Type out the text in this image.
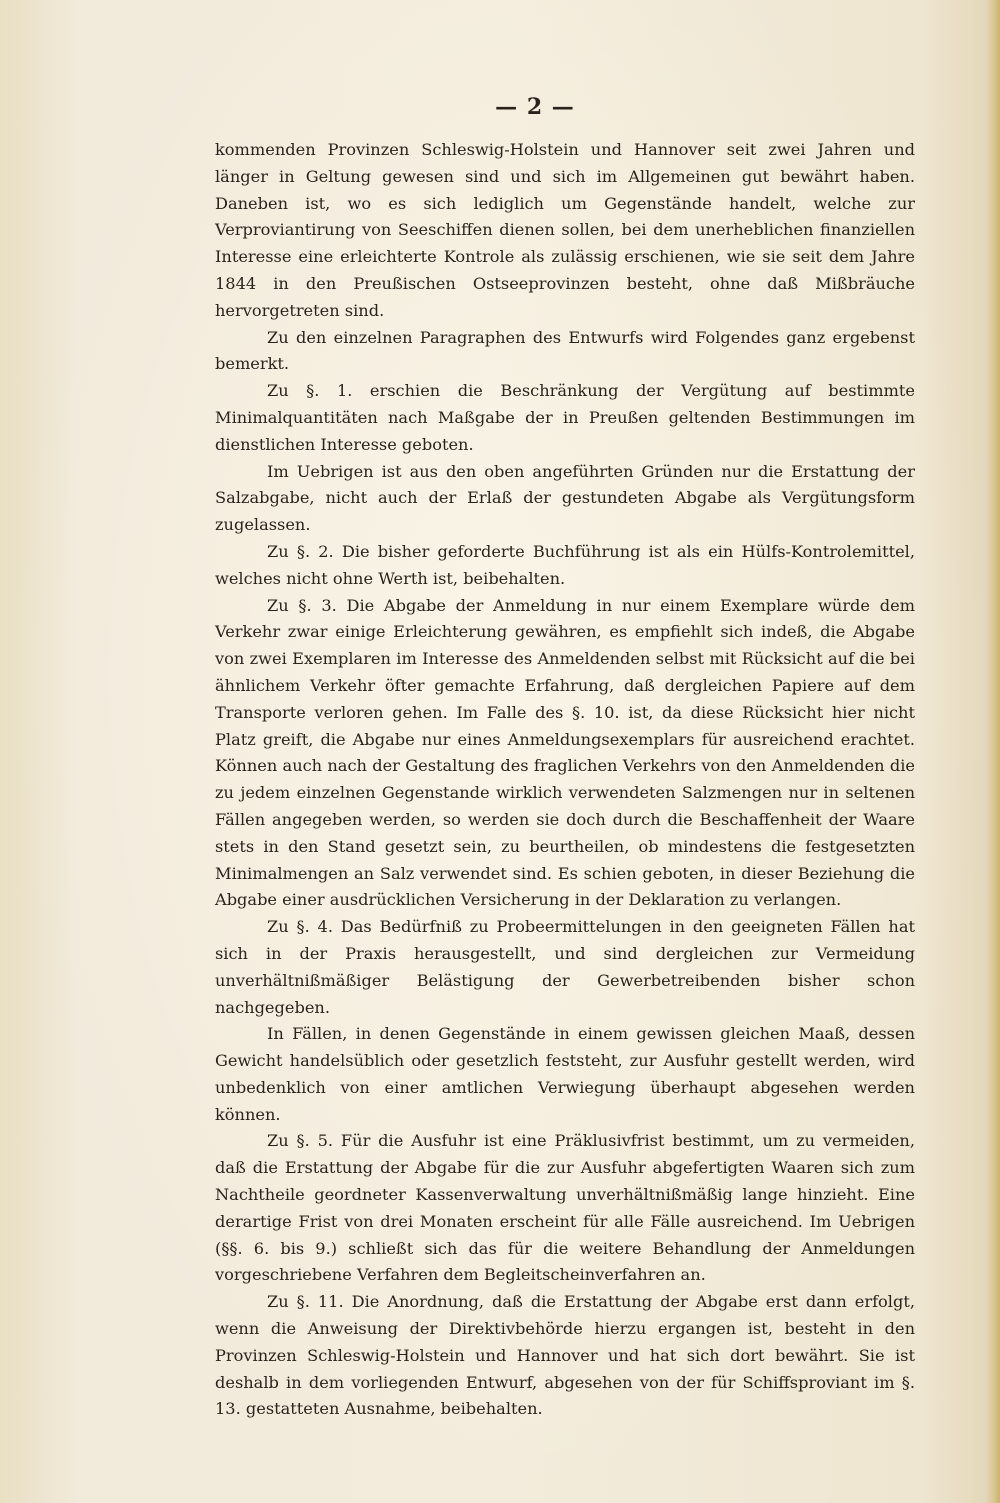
— 2 —

kommenden Provinzen Schleswig-Holstein und Hannover seit zwei Jahren und länger in Geltung gewesen sind und sich im Allgemeinen gut bewährt haben. Daneben ist, wo es sich lediglich um Gegenstände handelt, welche zur Verproviantirung von Seeschiffen dienen sollen, bei dem unerheblichen finanziellen Interesse eine erleichterte Kontrole als zulässig erschienen, wie sie seit dem Jahre 1844 in den Preußischen Ostseeprovinzen besteht, ohne daß Mißbräuche hervorgetreten sind.

Zu den einzelnen Paragraphen des Entwurfs wird Folgendes ganz ergebenst bemerkt.

Zu §. 1. erschien die Beschränkung der Vergütung auf bestimmte Minimalquantitäten nach Maßgabe der in Preußen geltenden Bestimmungen im dienstlichen Interesse geboten.

Im Uebrigen ist aus den oben angeführten Gründen nur die Erstattung der Salzabgabe, nicht auch der Erlaß der gestundeten Abgabe als Vergütungsform zugelassen.

Zu §. 2. Die bisher geforderte Buchführung ist als ein Hülfs-Kontrolemittel, welches nicht ohne Werth ist, beibehalten.

Zu §. 3. Die Abgabe der Anmeldung in nur einem Exemplare würde dem Verkehr zwar einige Erleichterung gewähren, es empfiehlt sich indeß, die Abgabe von zwei Exemplaren im Interesse des Anmeldenden selbst mit Rücksicht auf die bei ähnlichem Verkehr öfter gemachte Erfahrung, daß dergleichen Papiere auf dem Transporte verloren gehen. Im Falle des §. 10. ist, da diese Rücksicht hier nicht Platz greift, die Abgabe nur eines Anmeldungsexemplars für ausreichend erachtet. Können auch nach der Gestaltung des fraglichen Verkehrs von den Anmeldenden die zu jedem einzelnen Gegenstande wirklich verwendeten Salzmengen nur in seltenen Fällen angegeben werden, so werden sie doch durch die Beschaffenheit der Waare stets in den Stand gesetzt sein, zu beurtheilen, ob mindestens die festgesetzten Minimalmengen an Salz verwendet sind. Es schien geboten, in dieser Beziehung die Abgabe einer ausdrücklichen Versicherung in der Deklaration zu verlangen.

Zu §. 4. Das Bedürfniß zu Probeermittelungen in den geeigneten Fällen hat sich in der Praxis herausgestellt, und sind dergleichen zur Vermeidung unverhältnißmäßiger Belästigung der Gewerbetreibenden bisher schon nachgegeben.

In Fällen, in denen Gegenstände in einem gewissen gleichen Maaß, dessen Gewicht handelsüblich oder gesetzlich feststeht, zur Ausfuhr gestellt werden, wird unbedenklich von einer amtlichen Verwiegung überhaupt abgesehen werden können.

Zu §. 5. Für die Ausfuhr ist eine Präklusivfrist bestimmt, um zu vermeiden, daß die Erstattung der Abgabe für die zur Ausfuhr abgefertigten Waaren sich zum Nachtheile geordneter Kassenverwaltung unverhältnißmäßig lange hinzieht. Eine derartige Frist von drei Monaten erscheint für alle Fälle ausreichend. Im Uebrigen (§§. 6. bis 9.) schließt sich das für die weitere Behandlung der Anmeldungen vorgeschriebene Verfahren dem Begleitscheinverfahren an.

Zu §. 11. Die Anordnung, daß die Erstattung der Abgabe erst dann erfolgt, wenn die Anweisung der Direktivbehörde hierzu ergangen ist, besteht in den Provinzen Schleswig-Holstein und Hannover und hat sich dort bewährt. Sie ist deshalb in dem vorliegenden Entwurf, abgesehen von der für Schiffsproviant im §. 13. gestatteten Ausnahme, beibehalten.
